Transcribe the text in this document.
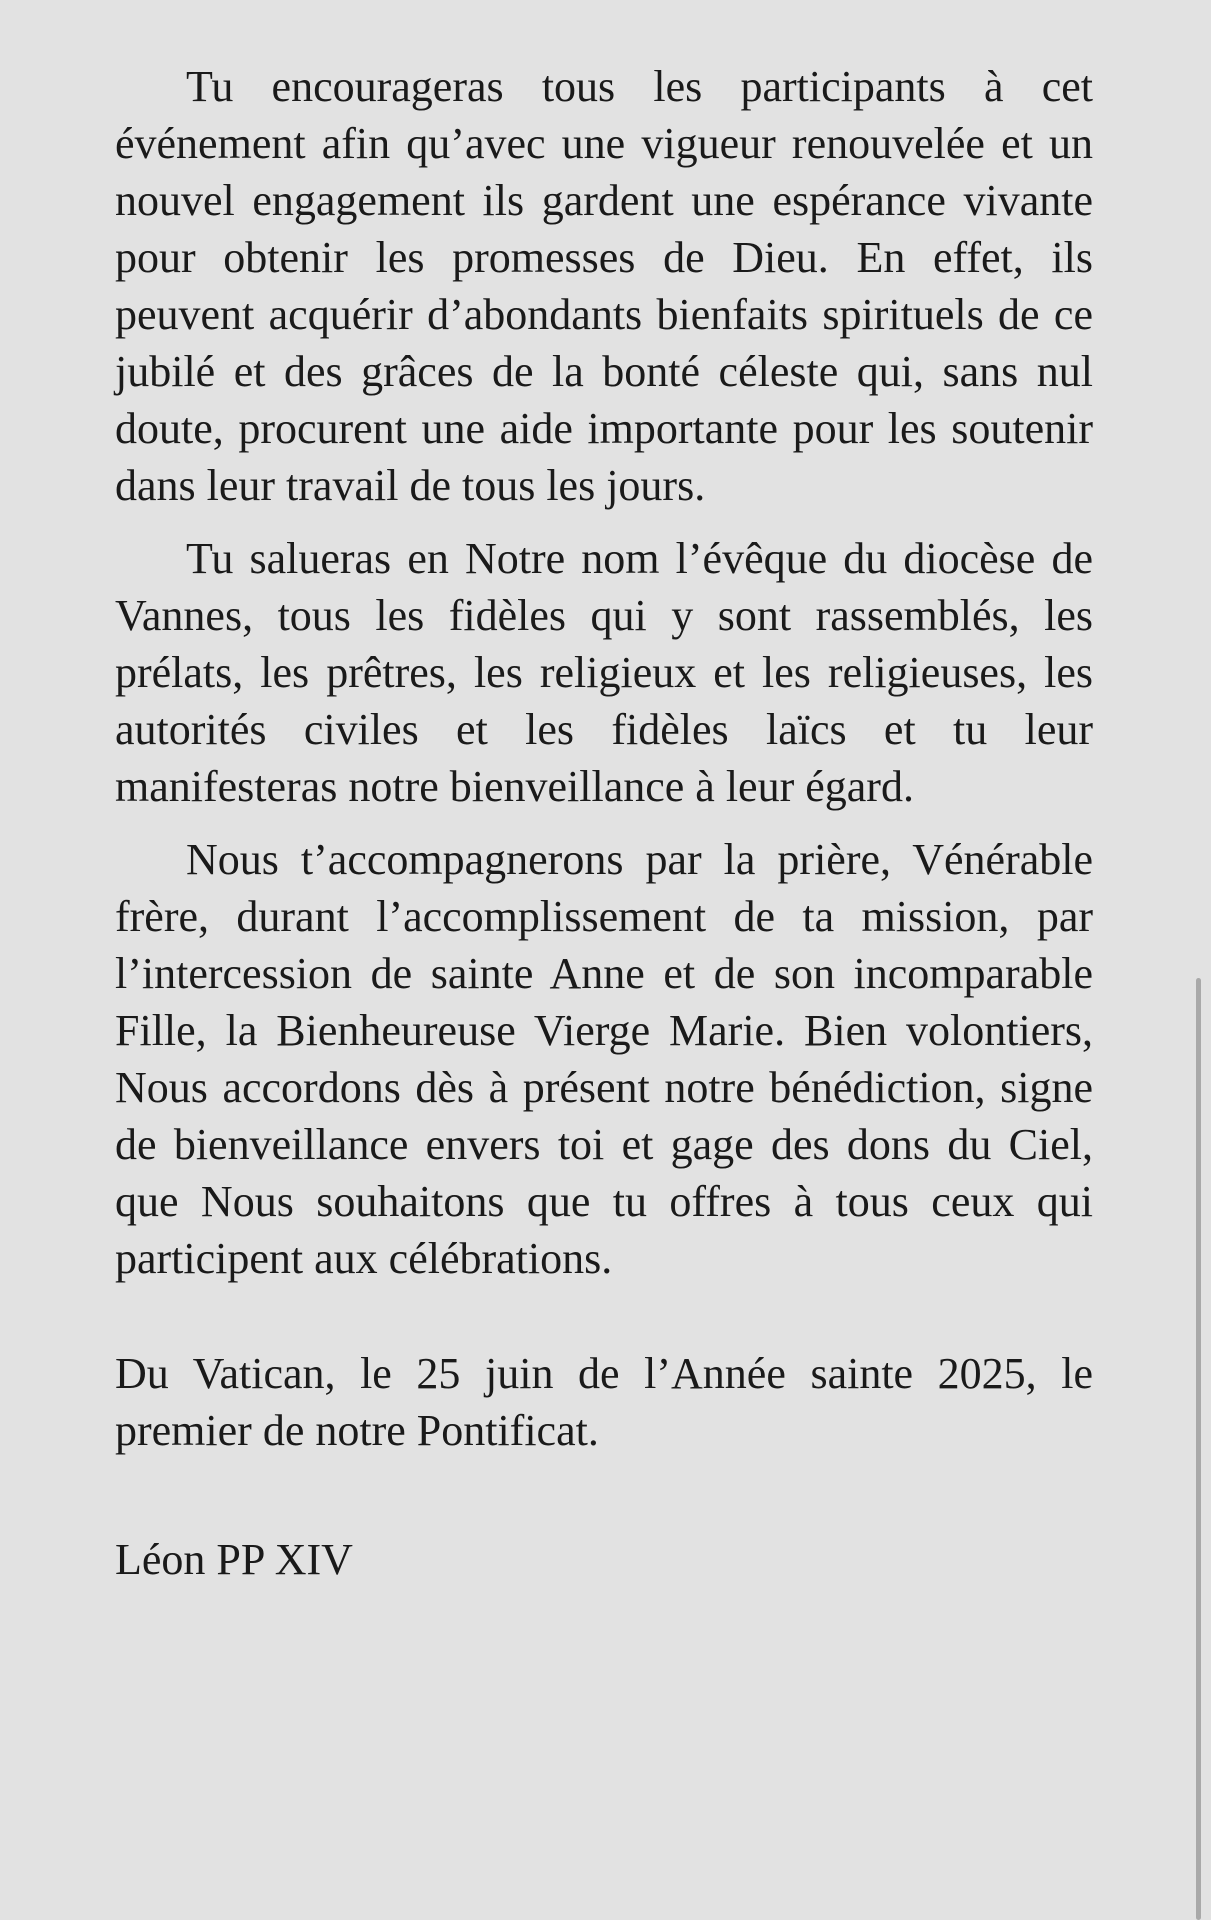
Tu encourageras tous les participants à cet événement afin qu’avec une vigueur renouvelée et un nouvel engagement ils gardent une espérance vivante pour obtenir les promesses de Dieu. En effet, ils peuvent acquérir d’abondants bienfaits spirituels de ce jubilé et des grâces de la bonté céleste qui, sans nul doute, procurent une aide importante pour les soutenir dans leur travail de tous les jours.

Tu salueras en Notre nom l’évêque du diocèse de Vannes, tous les fidèles qui y sont rassemblés, les prélats, les prêtres, les religieux et les religieuses, les autorités civiles et les fidèles laïcs et tu leur manifesteras notre bienveillance à leur égard.

Nous t’accompagnerons par la prière, Vénérable frère, durant l’accomplissement de ta mission, par l’intercession de sainte Anne et de son incomparable Fille, la Bienheureuse Vierge Marie. Bien volontiers, Nous accordons dès à présent notre bénédiction, signe de bienveillance envers toi et gage des dons du Ciel, que Nous souhaitons que tu offres à tous ceux qui participent aux célébrations.

Du Vatican, le 25 juin de l’Année sainte 2025, le premier de notre Pontificat.

Léon PP XIV
